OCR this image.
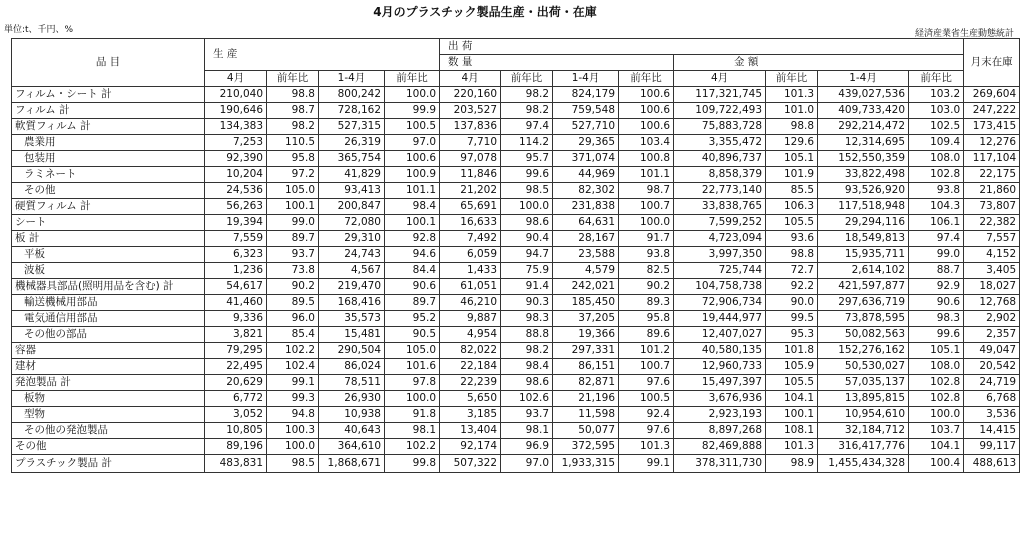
4月のプラスチック製品生産・出荷・在庫
単位:t、千円、%	経済産業省生産動態統計
品 目	生 産				出 荷								月末在庫
					数 量				金 額				
	4月	前年比	1-4月	前年比	4月	前年比	1-4月	前年比	4月	前年比	1-4月	前年比	
フィルム・シート 計	210,040	98.8	800,242	100.0	220,160	98.2	824,179	100.6	117,321,745	101.3	439,027,536	103.2	269,604
フィルム 計	190,646	98.7	728,162	99.9	203,527	98.2	759,548	100.6	109,722,493	101.0	409,733,420	103.0	247,222
軟質フィルム 計	134,383	98.2	527,315	100.5	137,836	97.4	527,710	100.6	75,883,728	98.8	292,214,472	102.5	173,415
農業用	7,253	110.5	26,319	97.0	7,710	114.2	29,365	103.4	3,355,472	129.6	12,314,695	109.4	12,276
包装用	92,390	95.8	365,754	100.6	97,078	95.7	371,074	100.8	40,896,737	105.1	152,550,359	108.0	117,104
ラミネート	10,204	97.2	41,829	100.9	11,846	99.6	44,969	101.1	8,858,379	101.9	33,822,498	102.8	22,175
その他	24,536	105.0	93,413	101.1	21,202	98.5	82,302	98.7	22,773,140	85.5	93,526,920	93.8	21,860
硬質フィルム 計	56,263	100.1	200,847	98.4	65,691	100.0	231,838	100.7	33,838,765	106.3	117,518,948	104.3	73,807
シート	19,394	99.0	72,080	100.1	16,633	98.6	64,631	100.0	7,599,252	105.5	29,294,116	106.1	22,382
板 計	7,559	89.7	29,310	92.8	7,492	90.4	28,167	91.7	4,723,094	93.6	18,549,813	97.4	7,557
平板	6,323	93.7	24,743	94.6	6,059	94.7	23,588	93.8	3,997,350	98.8	15,935,711	99.0	4,152
波板	1,236	73.8	4,567	84.4	1,433	75.9	4,579	82.5	725,744	72.7	2,614,102	88.7	3,405
機械器具部品(照明用品を含む) 計	54,617	90.2	219,470	90.6	61,051	91.4	242,021	90.2	104,758,738	92.2	421,597,877	92.9	18,027
輸送機械用部品	41,460	89.5	168,416	89.7	46,210	90.3	185,450	89.3	72,906,734	90.0	297,636,719	90.6	12,768
電気通信用部品	9,336	96.0	35,573	95.2	9,887	98.3	37,205	95.8	19,444,977	99.5	73,878,595	98.3	2,902
その他の部品	3,821	85.4	15,481	90.5	4,954	88.8	19,366	89.6	12,407,027	95.3	50,082,563	99.6	2,357
容器	79,295	102.2	290,504	105.0	82,022	98.2	297,331	101.2	40,580,135	101.8	152,276,162	105.1	49,047
建材	22,495	102.4	86,024	101.6	22,184	98.4	86,151	100.7	12,960,733	105.9	50,530,027	108.0	20,542
発泡製品 計	20,629	99.1	78,511	97.8	22,239	98.6	82,871	97.6	15,497,397	105.5	57,035,137	102.8	24,719
板物	6,772	99.3	26,930	100.0	5,650	102.6	21,196	100.5	3,676,936	104.1	13,895,815	102.8	6,768
型物	3,052	94.8	10,938	91.8	3,185	93.7	11,598	92.4	2,923,193	100.1	10,954,610	100.0	3,536
その他の発泡製品	10,805	100.3	40,643	98.1	13,404	98.1	50,077	97.6	8,897,268	108.1	32,184,712	103.7	14,415
その他	89,196	100.0	364,610	102.2	92,174	96.9	372,595	101.3	82,469,888	101.3	316,417,776	104.1	99,117
プラスチック製品 計	483,831	98.5	1,868,671	99.8	507,322	97.0	1,933,315	99.1	378,311,730	98.9	1,455,434,328	100.4	488,613
